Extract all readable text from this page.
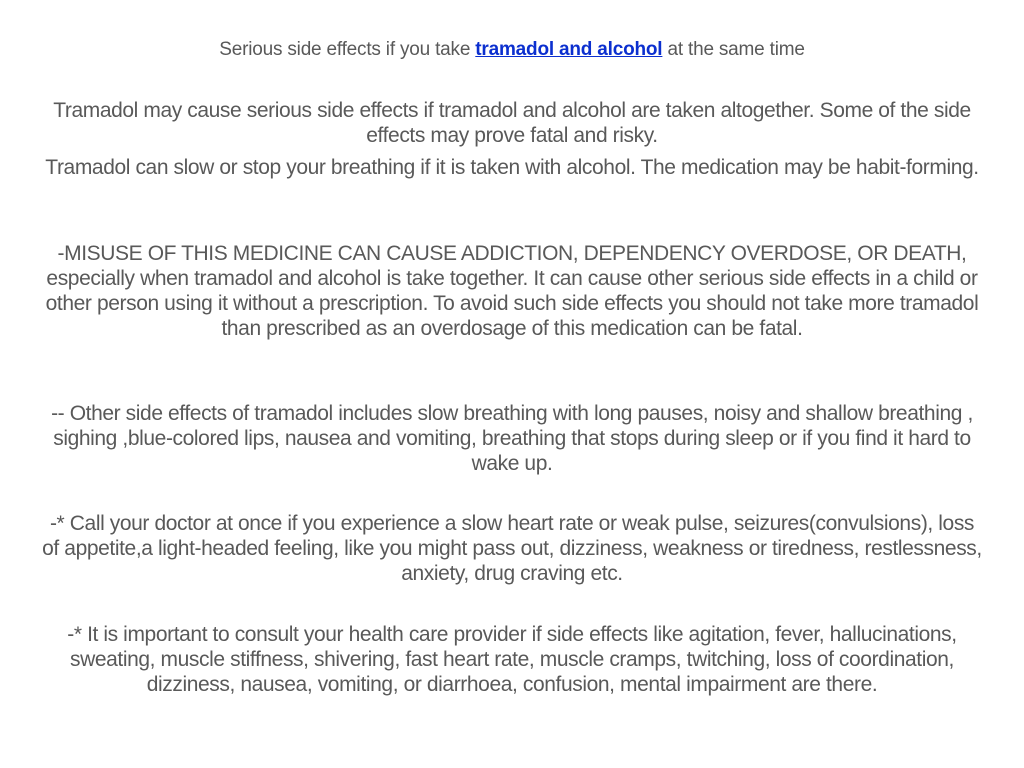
Serious side effects if you take tramadol and alcohol at the same time

Tramadol may cause serious side effects if tramadol and alcohol are taken altogether. Some of the side effects may prove fatal and risky.

Tramadol can slow or stop your breathing if it is taken with alcohol. The medication may be habit-forming.

-MISUSE OF THIS MEDICINE CAN CAUSE ADDICTION, DEPENDENCY OVERDOSE, OR DEATH, especially when tramadol and alcohol is take together. It can cause other serious side effects in a child or other person using it without a prescription. To avoid such side effects you should not take more tramadol than prescribed as an overdosage of this medication can be fatal.

-- Other side effects of tramadol includes slow breathing with long pauses, noisy and shallow breathing , sighing ,blue-colored lips, nausea and vomiting, breathing that stops during sleep or if you find it hard to wake up.

-* Call your doctor at once if you experience a slow heart rate or weak pulse, seizures(convulsions), loss of appetite,a light-headed feeling, like you might pass out, dizziness, weakness or tiredness, restlessness, anxiety, drug craving etc.

-* It is important to consult your health care provider if side effects like agitation, fever, hallucinations, sweating, muscle stiffness, shivering, fast heart rate, muscle cramps, twitching, loss of coordination, dizziness, nausea, vomiting, or diarrhoea, confusion, mental impairment are there.
